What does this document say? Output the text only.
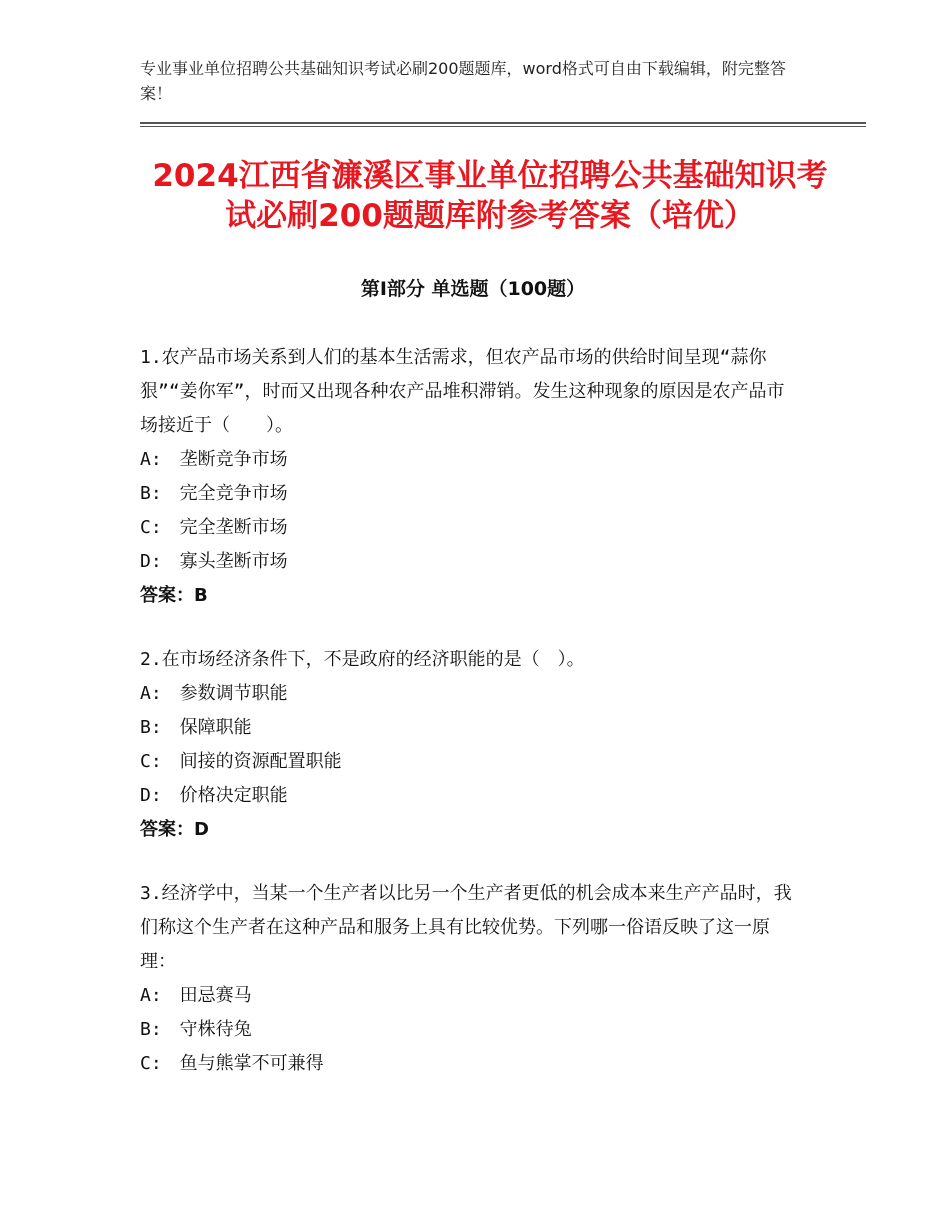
专业事业单位招聘公共基础知识考试必刷200题题库，word格式可自由下载编辑，附完整答案！
2024江西省濂溪区事业单位招聘公共基础知识考试必刷200题题库附参考答案（培优）
第Ⅰ部分 单选题（100题）

1.农产品市场关系到人们的基本生活需求，但农产品市场的供给时间呈现“蒜你狠”“姜你军”，时而又出现各种农产品堆积滞销。发生这种现象的原因是农产品市场接近于（　　）。

A:　垄断竞争市场

B:　完全竞争市场

C:　完全垄断市场

D:　寡头垄断市场

答案：B

2.在市场经济条件下，不是政府的经济职能的是（　）。

A:　参数调节职能

B:　保障职能

C:　间接的资源配置职能

D:　价格决定职能

答案：D

3.经济学中，当某一个生产者以比另一个生产者更低的机会成本来生产产品时，我们称这个生产者在这种产品和服务上具有比较优势。下列哪一俗语反映了这一原理：

A:　田忌赛马

B:　守株待兔

C:　鱼与熊掌不可兼得
